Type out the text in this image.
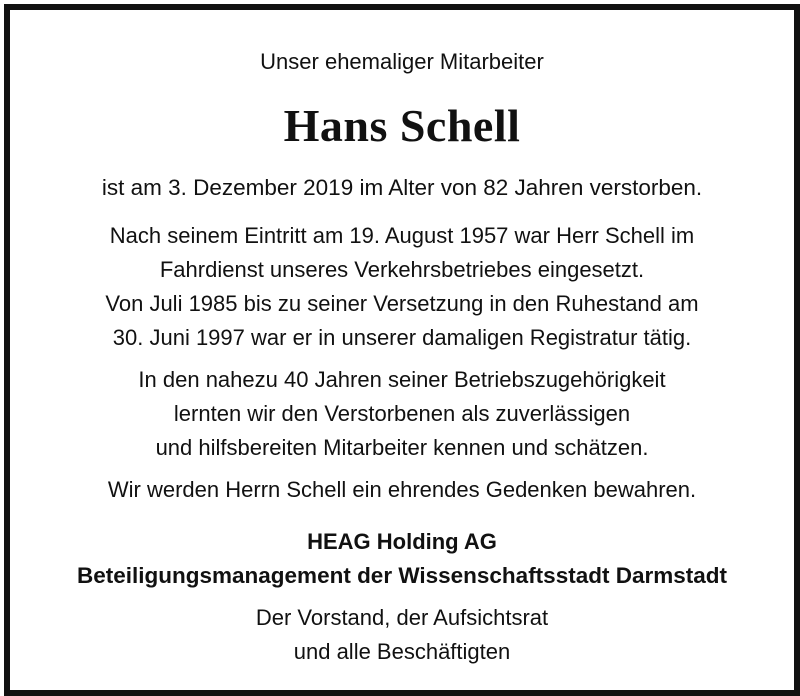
Unser ehemaliger Mitarbeiter
Hans Schell
ist am 3. Dezember 2019 im Alter von 82 Jahren verstorben.
Nach seinem Eintritt am 19. August 1957 war Herr Schell im
Fahrdienst unseres Verkehrsbetriebes eingesetzt.
Von Juli 1985 bis zu seiner Versetzung in den Ruhestand am
30. Juni 1997 war er in unserer damaligen Registratur tätig.
In den nahezu 40 Jahren seiner Betriebszugehörigkeit
lernten wir den Verstorbenen als zuverlässigen
und hilfsbereiten Mitarbeiter kennen und schätzen.
Wir werden Herrn Schell ein ehrendes Gedenken bewahren.
HEAG Holding AG
Beteiligungsmanagement der Wissenschaftsstadt Darmstadt
Der Vorstand, der Aufsichtsrat
und alle Beschäftigten
